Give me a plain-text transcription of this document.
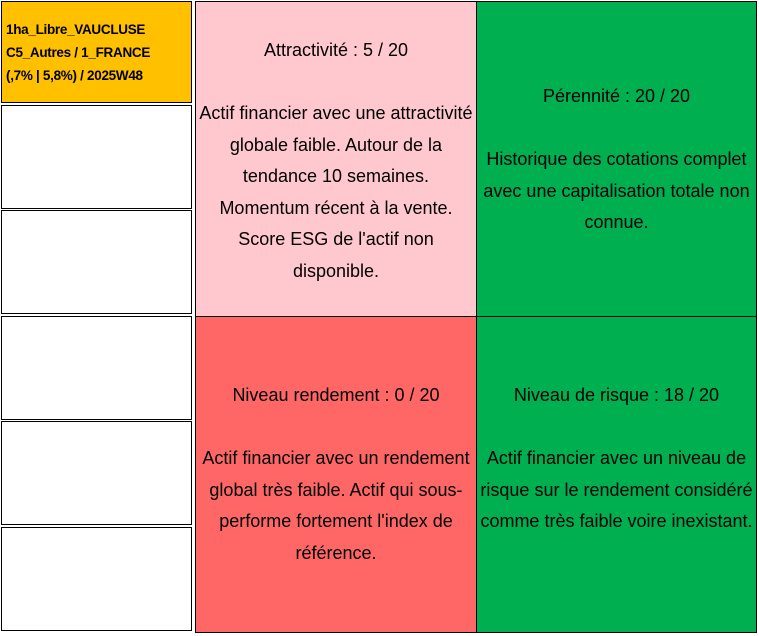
1ha_Libre_VAUCLUSE
C5_Autres / 1_FRANCE
(,7% | 5,8%) / 2025W48
Attractivité : 5 / 20
Actif financier avec une attractivité globale faible. Autour de la tendance 10 semaines. Momentum récent à la vente. Score ESG de l'actif non disponible.
Pérennité : 20 / 20
Historique des cotations complet avec une capitalisation totale non connue.
Niveau rendement : 0 / 20
Actif financier avec un rendement global très faible. Actif qui sous-performe fortement l'index de référence.
Niveau de risque : 18 / 20
Actif financier avec un niveau de risque sur le rendement considéré comme très faible voire inexistant.
